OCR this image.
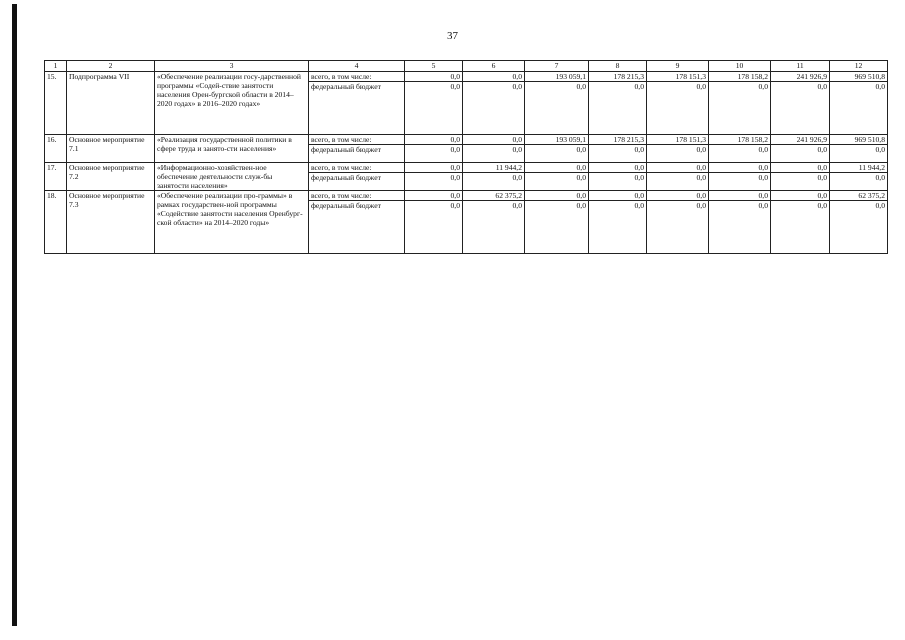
37
1	2	3	4	5	6	7	8	9	10	11	12
15.	Подпрограмма VII	«Обеспечение реализации госу-дарственной программы «Содей-ствие занятости населения Орен-бургской области в 2014–2020 годах» в 2016–2020 годах»	всего, в том числе:	0,0	0,0	193 059,1	178 215,3	178 151,3	178 158,2	241 926,9	969 510,8
			федеральный бюджет	0,0	0,0	0,0	0,0	0,0	0,0	0,0	0,0
16.	Основное мероприятие 7.1	«Реализация государственной политики в сфере труда и занято-сти населения»	всего, в том числе:	0,0	0,0	193 059,1	178 215,3	178 151,3	178 158,2	241 926,9	969 510,8
			федеральный бюджет	0,0	0,0	0,0	0,0	0,0	0,0	0,0	0,0
17.	Основное мероприятие 7.2	«Информационно-хозяйствен-ное обеспечение деятельности служ-бы занятости населения»	всего, в том числе:	0,0	11 944,2	0,0	0,0	0,0	0,0	0,0	11 944,2
			федеральный бюджет	0,0	0,0	0,0	0,0	0,0	0,0	0,0	0,0
18.	Основное мероприятие 7.3	«Обеспечение реализации про-граммы» в рамках государствен-ной программы «Содействие занятости населения Оренбург-ской области» на 2014–2020 годы»	всего, в том числе:	0,0	62 375,2	0,0	0,0	0,0	0,0	0,0	62 375,2
			федеральный бюджет	0,0	0,0	0,0	0,0	0,0	0,0	0,0	0,0
